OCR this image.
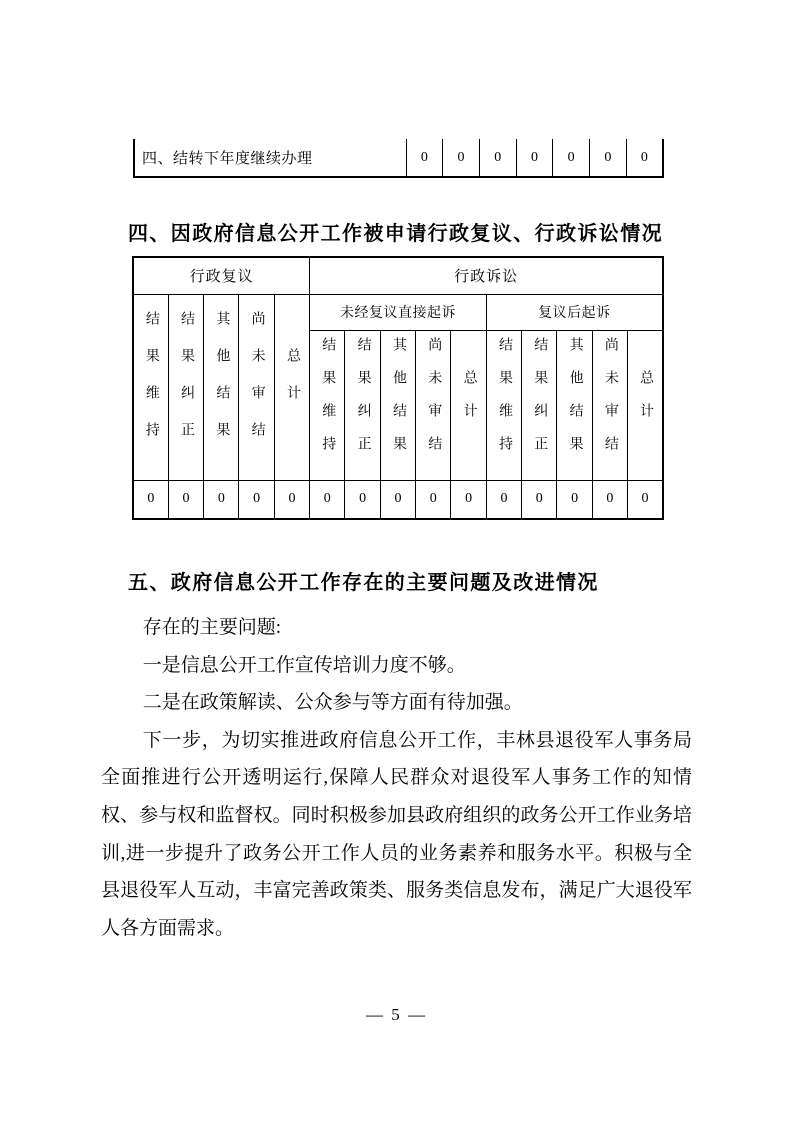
四、结转下年度继续办理	0	0	0	0	0	0	0
四、因政府信息公开工作被申请行政复议、行政诉讼情况
行政复议					行政诉讼									
结果维持	结果纠正	其他结果	尚未审结	总计	未经复议直接起诉					复议后起诉				
					结果维持	结果纠正	其他结果	尚未审结	总计	结果维持	结果纠正	其他结果	尚未审结	总计
0	0	0	0	0	0	0	0	0	0	0	0	0	0	0
五、政府信息公开工作存在的主要问题及改进情况

存在的主要问题:

一是信息公开工作宣传培训力度不够。

二是在政策解读、公众参与等方面有待加强。

下一步，为切实推进政府信息公开工作，丰林县退役军人事务局全面推进行公开透明运行,保障人民群众对退役军人事务工作的知情权、参与权和监督权。同时积极参加县政府组织的政务公开工作业务培训,进一步提升了政务公开工作人员的业务素养和服务水平。积极与全县退役军人互动，丰富完善政策类、服务类信息发布，满足广大退役军人各方面需求。

— 5 —
